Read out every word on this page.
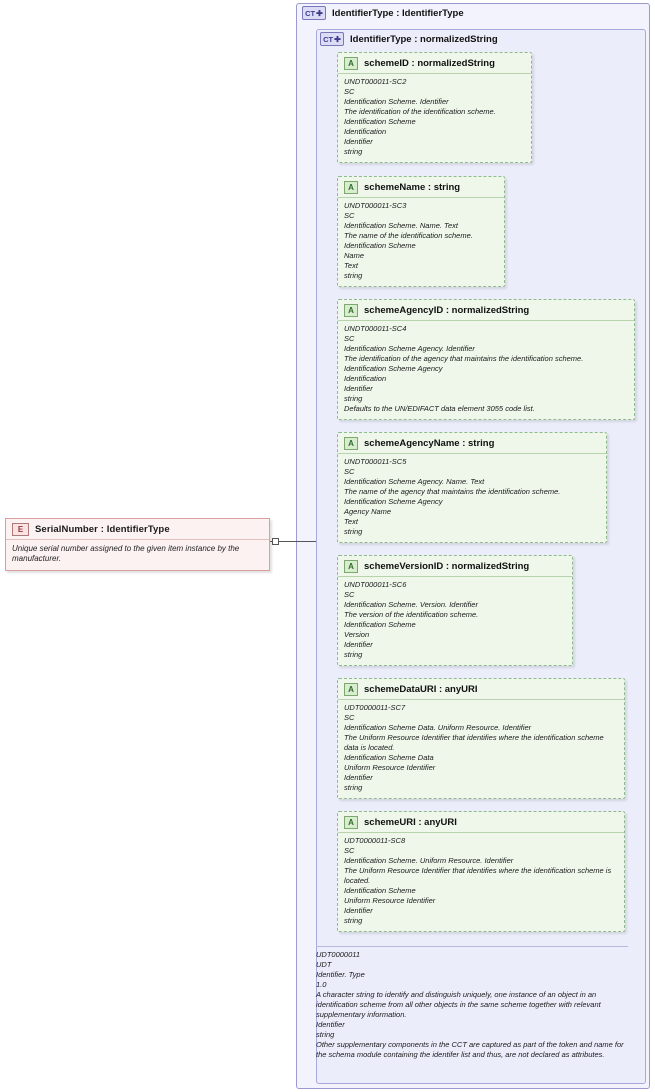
CT ✚ IdentifierType : IdentifierType
CT ✚ IdentifierType : normalizedString
E	SerialNumber : IdentifierType
Unique serial number assigned to the given item instance by the manufacturer.
A	schemeID : normalizedString
UNDT000011-SC2
SC
Identification Scheme. Identifier
The identification of the identification scheme.
Identification Scheme
Identification
Identifier
string
A	schemeName : string
UNDT000011-SC3
SC
Identification Scheme. Name. Text
The name of the identification scheme.
Identification Scheme
Name
Text
string
A	schemeAgencyID : normalizedString
UNDT000011-SC4
SC
Identification Scheme Agency. Identifier
The identification of the agency that maintains the identification scheme.
Identification Scheme Agency
Identification
Identifier
string
Defaults to the UN/EDIFACT data element 3055 code list.
A	schemeAgencyName : string
UNDT000011-SC5
SC
Identification Scheme Agency. Name. Text
The name of the agency that maintains the identification scheme.
Identification Scheme Agency
Agency Name
Text
string
A	schemeVersionID : normalizedString
UNDT000011-SC6
SC
Identification Scheme. Version. Identifier
The version of the identification scheme.
Identification Scheme
Version
Identifier
string
A	schemeDataURI : anyURI
UDT0000011-SC7
SC
Identification Scheme Data. Uniform Resource. Identifier
The Uniform Resource Identifier that identifies where the identification scheme data is located.
Identification Scheme Data
Uniform Resource Identifier
Identifier
string
A	schemeURI : anyURI
UDT0000011-SC8
SC
Identification Scheme. Uniform Resource. Identifier
The Uniform Resource Identifier that identifies where the identification scheme is located.
Identification Scheme
Uniform Resource Identifier
Identifier
string
UDT0000011
UDT
Identifier. Type
1.0
A character string to identify and distinguish uniquely, one instance of an object in an identification scheme from all other objects in the same scheme together with relevant supplementary information.
Identifier
string
Other supplementary components in the CCT are captured as part of the token and name for the schema module containing the identifer list and thus, are not declared as attributes.
